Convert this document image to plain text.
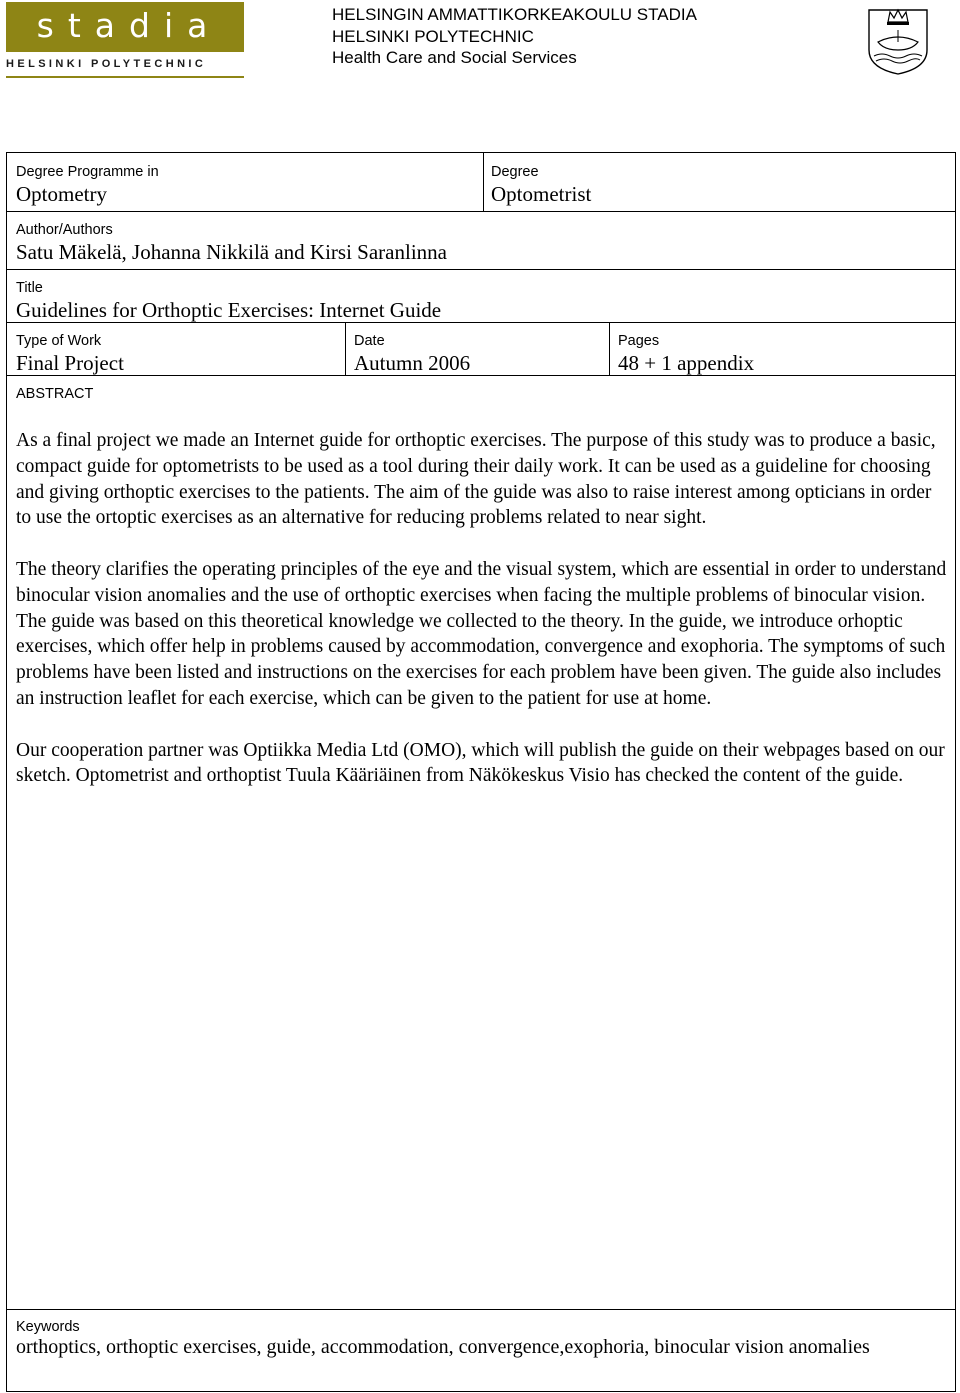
stadia
HELSINKI POLYTECHNIC
HELSINGIN AMMATTIKORKEAKOULU STADIA
HELSINKI POLYTECHNIC
Health Care and Social Services
Degree Programme in
Optometry
Degree
Optometrist
Author/Authors
Satu Mäkelä, Johanna Nikkilä and Kirsi Saranlinna
Title
Guidelines for Orthoptic Exercises: Internet Guide
Type of Work
Final Project
Date
Autumn 2006
Pages
48 + 1 appendix
ABSTRACT

As a final project we made an Internet guide for orthoptic exercises. The purpose of this study was to produce a basic, compact guide for optometrists to be used as a tool during their daily work. It can be used as a guideline for choosing and giving orthoptic exercises to the patients. The aim of the guide was also to raise interest among opticians in order to use the ortoptic exercises as an alternative for reducing problems related to near sight.

The theory clarifies the operating principles of the eye and the visual system, which are essential in order to understand binocular vision anomalies and the use of orthoptic exercises when facing the multiple problems of binocular vision. The guide was based on this theoretical knowledge we collected to the theory. In the guide, we introduce orhoptic exercises, which offer help in problems caused by accommodation, convergence and exophoria. The symptoms of such problems have been listed and instructions on the exercises for each problem have been given. The guide also includes an instruction leaflet for each exercise, which can be given to the patient for use at home.

Our cooperation partner was Optiikka Media Ltd (OMO), which will publish the guide on their webpages based on our sketch. Optometrist and orthoptist Tuula Kääriäinen from Näkökeskus Visio has checked the content of the guide.

Keywords
orthoptics, orthoptic exercises, guide, accommodation, convergence,exophoria, binocular vision anomalies
